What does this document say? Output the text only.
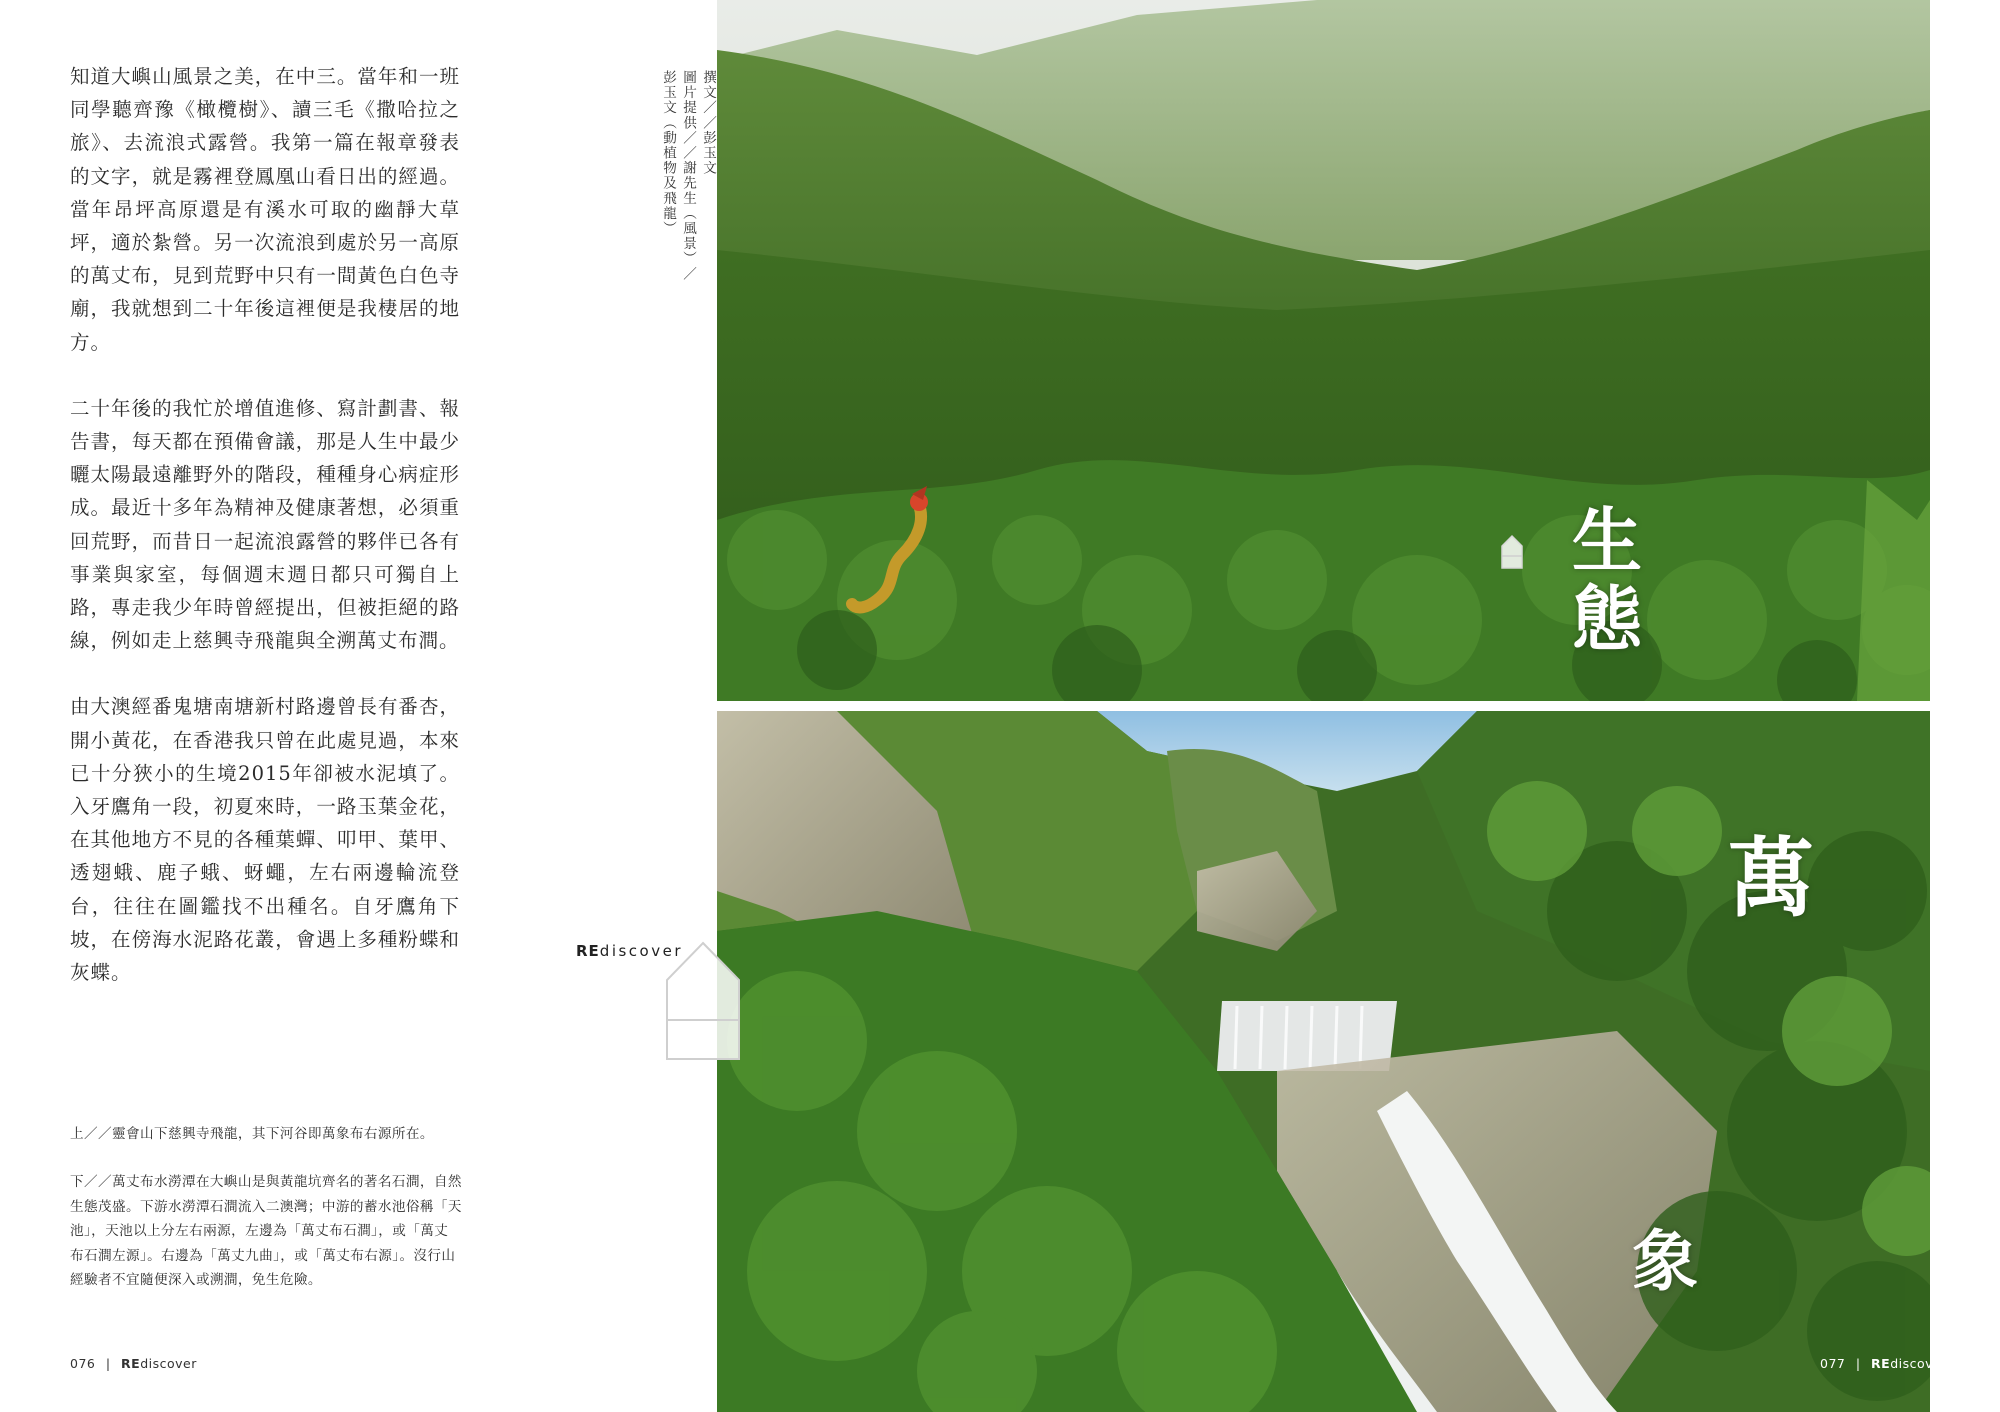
知道大嶼山風景之美，在中三。當年和一班同學聽齊豫《橄欖樹》、讀三毛《撒哈拉之旅》、去流浪式露營。我第一篇在報章發表的文字，就是霧裡登鳳凰山看日出的經過。當年昂坪高原還是有溪水可取的幽靜大草坪，適於紮營。另一次流浪到處於另一高原的萬丈布，見到荒野中只有一間黃色白色寺廟，我就想到二十年後這裡便是我棲居的地方。

二十年後的我忙於增值進修、寫計劃書、報告書，每天都在預備會議，那是人生中最少曬太陽最遠離野外的階段，種種身心病症形成。最近十多年為精神及健康著想，必須重回荒野，而昔日一起流浪露營的夥伴已各有事業與家室，每個週末週日都只可獨自上路，專走我少年時曾經提出，但被拒絕的路線，例如走上慈興寺飛龍與全溯萬丈布澗。

由大澳經番鬼塘南塘新村路邊曾長有番杏，開小黃花，在香港我只曾在此處見過，本來已十分狹小的生境2015年卻被水泥填了。入牙鷹角一段，初夏來時，一路玉葉金花，在其他地方不見的各種葉蟬、叩甲、葉甲、透翅蛾、鹿子蛾、蚜蠅，左右兩邊輪流登台，往往在圖鑑找不出種名。自牙鷹角下坡，在傍海水泥路花叢，會遇上多種粉蝶和灰蝶。

上／／靈會山下慈興寺飛龍，其下河谷即萬象布右源所在。
下／／萬丈布水澇潭在大嶼山是與黃龍坑齊名的著名石澗，自然生態茂盛。下游水澇潭石澗流入二澳灣；中游的蓄水池俗稱「天池」，天池以上分左右兩源，左邊為「萬丈布石澗」，或「萬丈布石澗左源」。右邊為「萬丈九曲」，或「萬丈布右源」。沒行山經驗者不宜隨便深入或溯澗，免生危險。
076 | REdiscover
撰文／／彭玉文
圖片提供／／謝先生（風景）／
彭玉文（動植物及飛龍）
REdiscover
生
態
萬
象
077 | REdiscover
